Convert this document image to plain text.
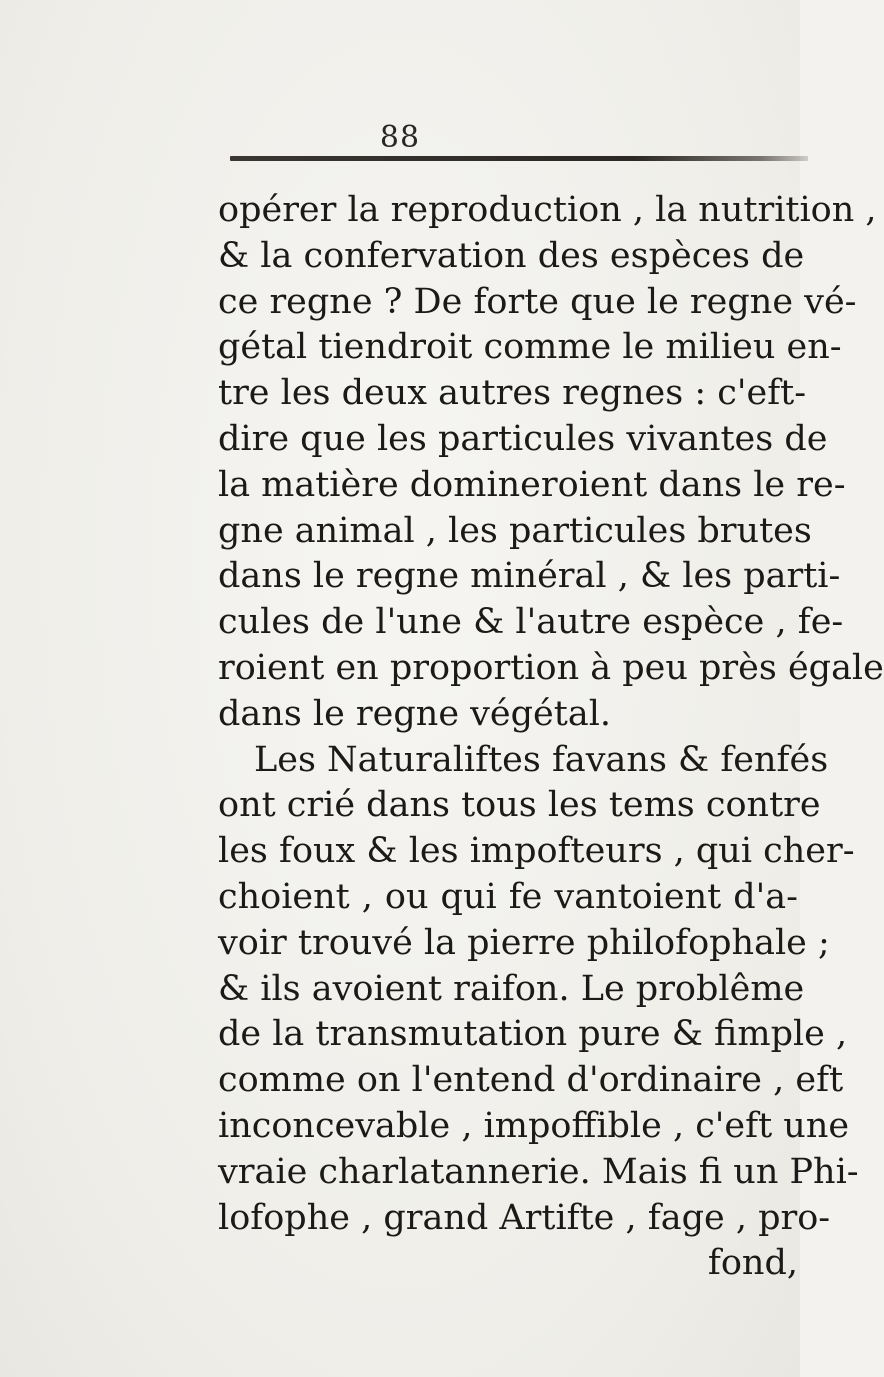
88
opérer la reproduction , la nutrition ,
& la confervation des espèces de
ce regne ? De forte que le regne vé-
gétal tiendroit comme le milieu en-
tre les deux autres regnes : c'eft-
dire que les particules vivantes de
la matière domineroient dans le re-
gne animal , les particules brutes
dans le regne minéral , & les parti-
cules de l'une & l'autre espèce , fe-
roient en proportion à peu près égale
dans le regne végétal.
Les Naturaliftes favans & fenfés
ont crié dans tous les tems contre
les foux & les impofteurs , qui cher-
choient , ou qui fe vantoient d'a-
voir trouvé la pierre philofophale ;
& ils avoient raifon. Le problême
de la transmutation pure & fimple ,
comme on l'entend d'ordinaire , eft
inconcevable , impoffible , c'eft une
vraie charlatannerie. Mais fi un Phi-
lofophe , grand Artifte , fage , pro-
fond,
